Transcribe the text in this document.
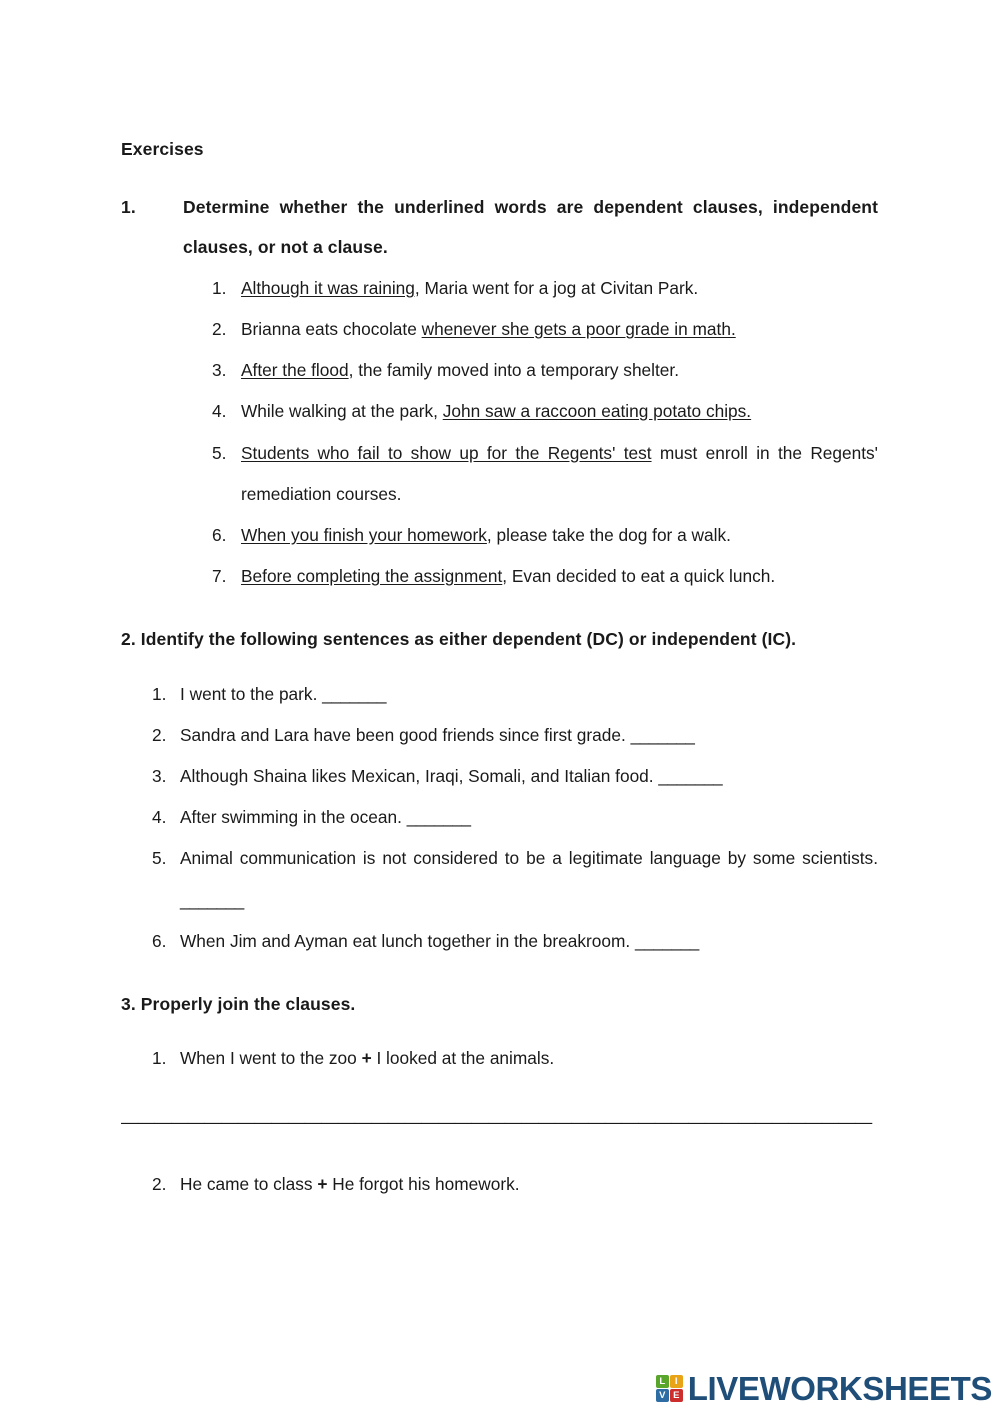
Exercises
1.	Determine whether the underlined words are dependent clauses, independent clauses, or not a clause.
1. Although it was raining, Maria went for a jog at Civitan Park.
2. Brianna eats chocolate whenever she gets a poor grade in math.
3. After the flood, the family moved into a temporary shelter.
4. While walking at the park, John saw a raccoon eating potato chips.
5. Students who fail to show up for the Regents' test must enroll in the Regents' remediation courses.
6. When you finish your homework, please take the dog for a walk.
7. Before completing the assignment, Evan decided to eat a quick lunch.
2. Identify the following sentences as either dependent (DC) or independent (IC).
1. I went to the park. _______
2. Sandra and Lara have been good friends since first grade. _______
3. Although Shaina likes Mexican, Iraqi, Somali, and Italian food. _______
4. After swimming in the ocean. _______
5. Animal communication is not considered to be a legitimate language by some scientists. _______
6. When Jim and Ayman eat lunch together in the breakroom. _______
3. Properly join the clauses.
1. When I went to the zoo + I looked at the animals.
—————————————————————————————————————————————
2. He came to class + He forgot his homework.
L	I
V E LIVEWORKSHEETS
